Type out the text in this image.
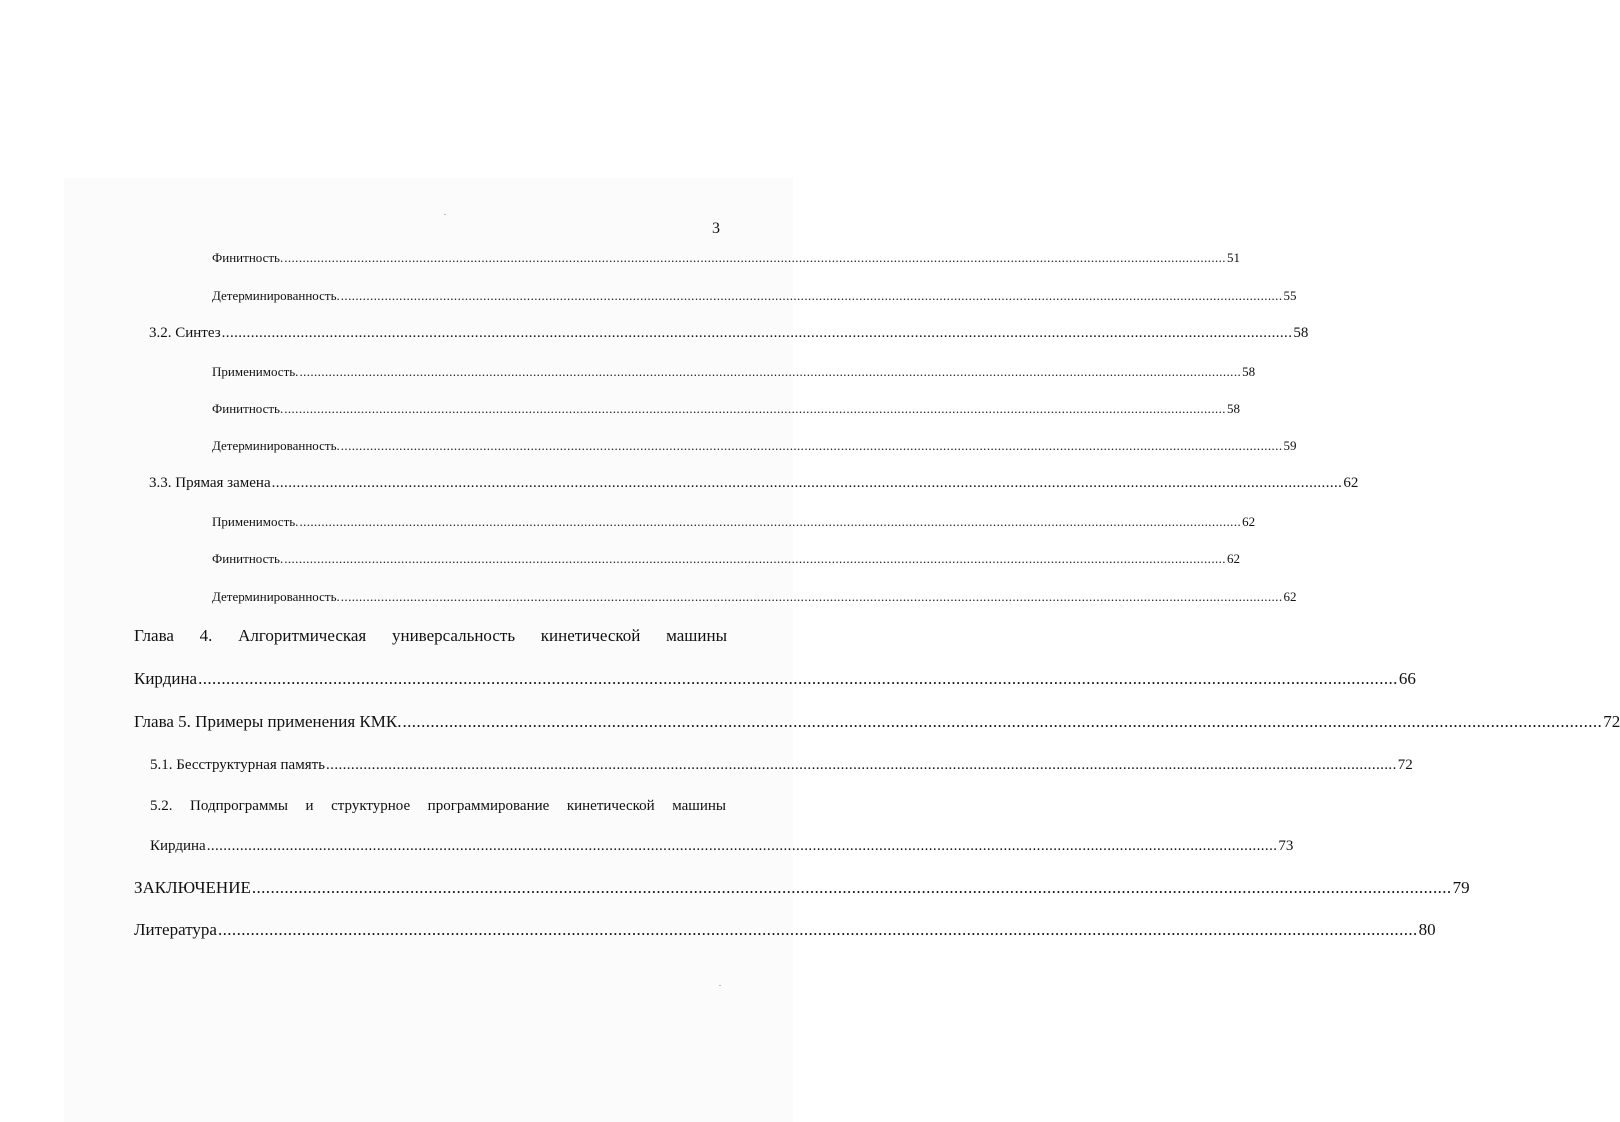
3
Финитность. .................................................................................................................................................................................................................................................................. 51
Детерминированность. .................................................................................................................................................................................................................................................................. 55
3.2. Синтез .................................................................................................................................................................................................................................................................. 58
Применимость. .................................................................................................................................................................................................................................................................. 58
Финитность. .................................................................................................................................................................................................................................................................. 58
Детерминированность. .................................................................................................................................................................................................................................................................. 59
3.3. Прямая замена .................................................................................................................................................................................................................................................................. 62
Применимость. .................................................................................................................................................................................................................................................................. 62
Финитность. .................................................................................................................................................................................................................................................................. 62
Детерминированность. .................................................................................................................................................................................................................................................................. 62
Глава 4. Алгоритмическая универсальность кинетической машины
Кирдина .................................................................................................................................................................................................................................................................. 66
Глава 5. Примеры применения КМК. .................................................................................................................................................................................................................................................................. 72
5.1. Бесструктурная память .................................................................................................................................................................................................................................................................. 72
5.2. Подпрограммы и структурное программирование кинетической машины
Кирдина .................................................................................................................................................................................................................................................................. 73
ЗАКЛЮЧЕНИЕ .................................................................................................................................................................................................................................................................. 79
Литература .................................................................................................................................................................................................................................................................. 80
